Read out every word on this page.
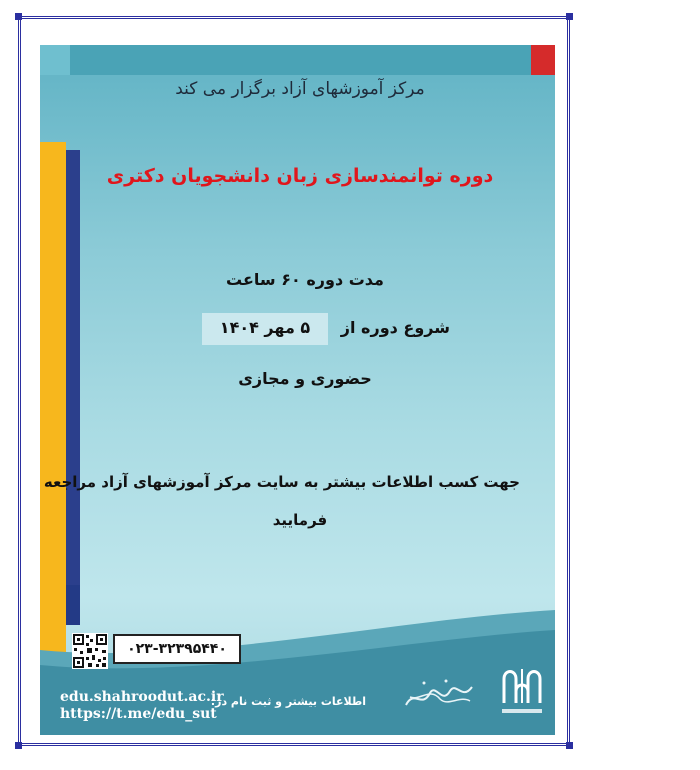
مرکز آموزشهای آزاد برگزار می کند
دوره توانمندسازی زبان دانشجویان دکتری
مدت دوره ۶۰ ساعت
شروع دوره از
۵ مهر ۱۴۰۴
حضوری و مجازی
جهت کسب اطلاعات بیشتر به سایت مرکز آموزشهای آزاد مراجعه
فرمایید
۰۲۳-۳۲۳۹۵۴۴۰
edu.shahroodut.ac.ir
https://t.me/edu_sut
اطلاعات بیشتر و ثبت نام در:
